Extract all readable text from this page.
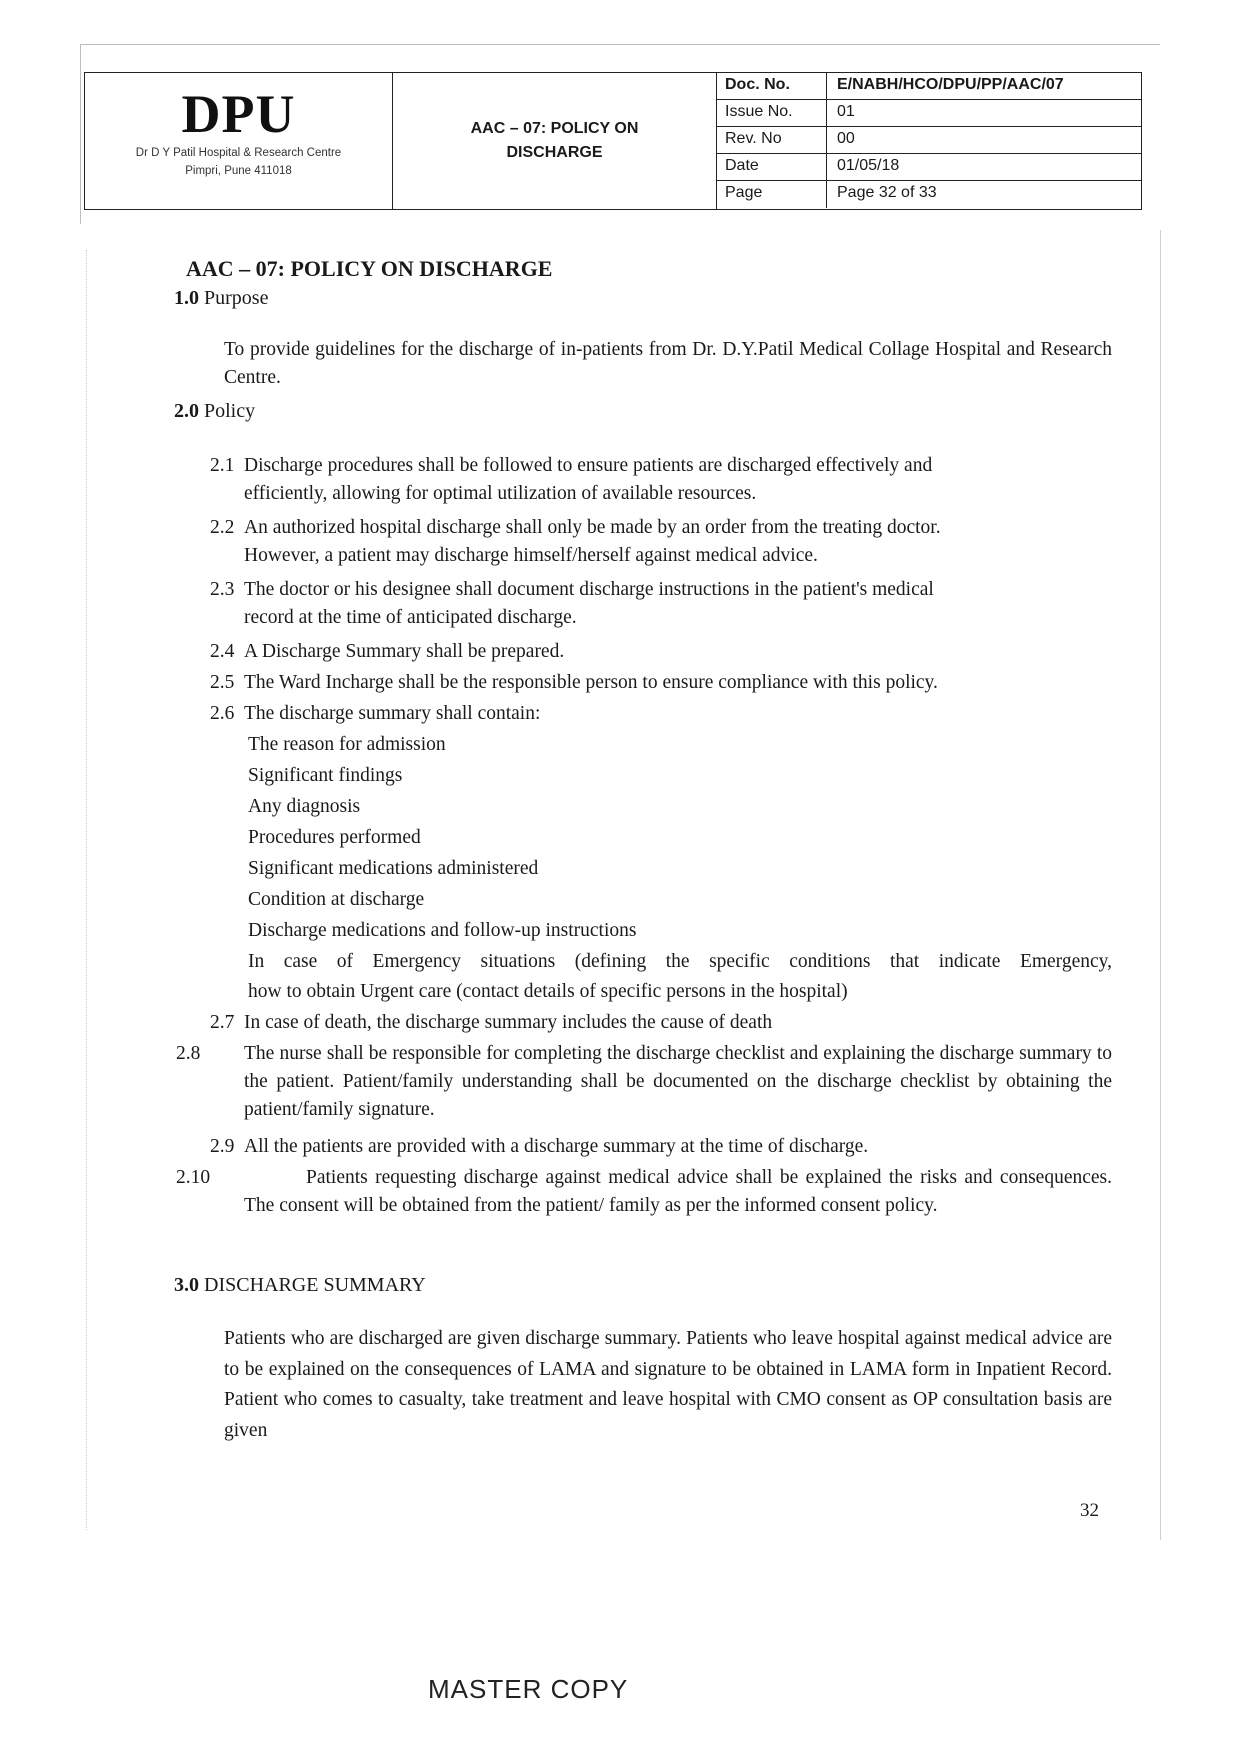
DPU
Dr D Y Patil Hospital & Research Centre
Pimpri, Pune 411018
AAC – 07: POLICY ON DISCHARGE
Doc. No.	E/NABH/HCO/DPU/PP/AAC/07
Issue No.	01
Rev. No	00
Date	01/05/18
Page	Page 32 of 33
AAC – 07: POLICY ON DISCHARGE
1.0 Purpose
To provide guidelines for the discharge of in-patients from Dr. D.Y.Patil Medical Collage Hospital and Research Centre.
2.0 Policy
2.1 Discharge procedures shall be followed to ensure patients are discharged effectively and
efficiently, allowing for optimal utilization of available resources.
2.2 An authorized hospital discharge shall only be made by an order from the treating doctor.
However, a patient may discharge himself/herself against medical advice.
2.3 The doctor or his designee shall document discharge instructions in the patient's medical
record at the time of anticipated discharge.
2.4 A Discharge Summary shall be prepared.
2.5 The Ward Incharge shall be the responsible person to ensure compliance with this policy.
2.6 The discharge summary shall contain:
The reason for admission
Significant findings
Any diagnosis
Procedures performed
Significant medications administered
Condition at discharge
Discharge medications and follow-up instructions
In case of Emergency situations (defining the specific conditions that indicate Emergency,
how to obtain Urgent care (contact details of specific persons in the hospital)
2.7 In case of death, the discharge summary includes the cause of death
2.8 The nurse shall be responsible for completing the discharge checklist and explaining the discharge summary to the patient. Patient/family understanding shall be documented on the discharge checklist by obtaining the patient/family signature.
2.9 All the patients are provided with a discharge summary at the time of discharge.
2.10	Patients requesting discharge against medical advice shall be explained the risks and consequences. The consent will be obtained from the patient/ family as per the informed consent policy.
3.0 DISCHARGE SUMMARY
Patients who are discharged are given discharge summary. Patients who leave hospital against medical advice are to be explained on the consequences of LAMA and signature to be obtained in LAMA form in Inpatient Record. Patient who comes to casualty, take treatment and leave hospital with CMO consent as OP consultation basis are given
32
MASTER COPY
